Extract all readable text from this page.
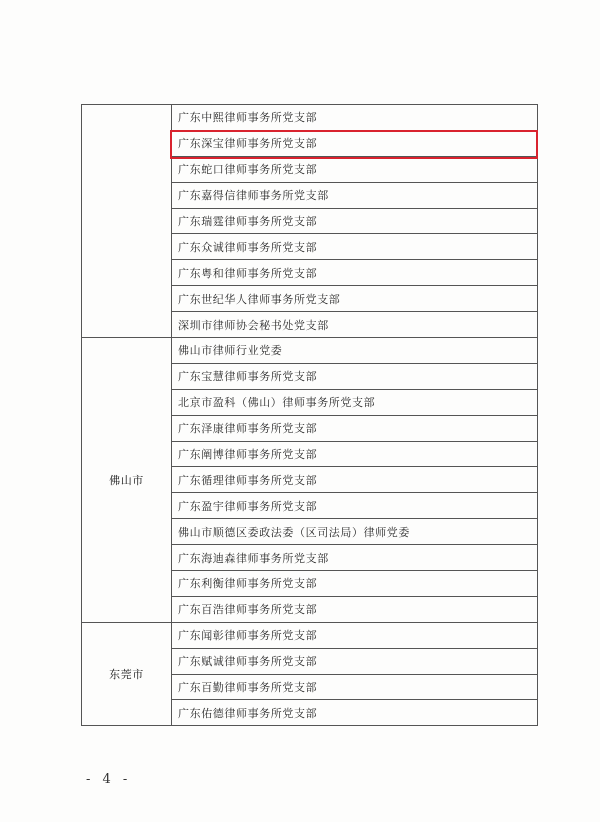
	广东中熙律师事务所党支部
	广东深宝律师事务所党支部
	广东蛇口律师事务所党支部
	广东嘉得信律师事务所党支部
	广东瑞霆律师事务所党支部
	广东众诚律师事务所党支部
	广东粤和律师事务所党支部
	广东世纪华人律师事务所党支部
	深圳市律师协会秘书处党支部
佛山市	佛山市律师行业党委
	广东宝慧律师事务所党支部
	北京市盈科（佛山）律师事务所党支部
	广东泽康律师事务所党支部
	广东阐博律师事务所党支部
	广东循理律师事务所党支部
	广东盈宇律师事务所党支部
	佛山市顺德区委政法委（区司法局）律师党委
	广东海迪森律师事务所党支部
	广东利衡律师事务所党支部
	广东百浩律师事务所党支部
东莞市	广东闻彰律师事务所党支部
	广东赋诚律师事务所党支部
	广东百勤律师事务所党支部
	广东佑德律师事务所党支部
- 4 -
